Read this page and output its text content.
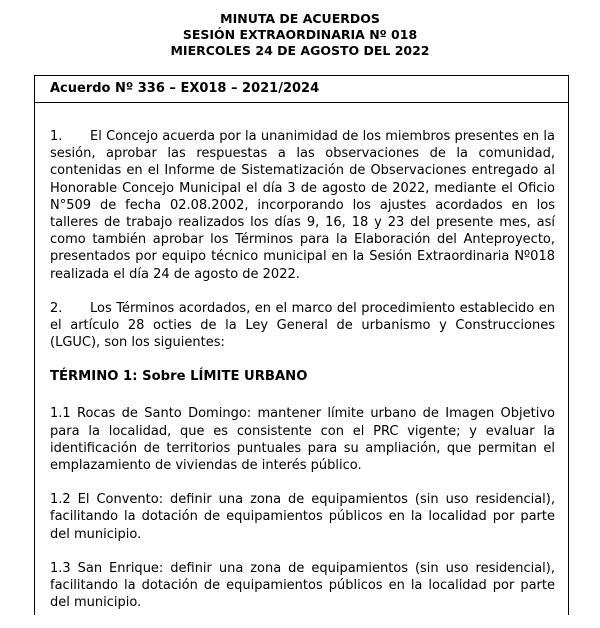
MINUTA DE ACUERDOS
SESIÓN EXTRAORDINARIA Nº 018
MIERCOLES 24 DE AGOSTO DEL 2022
Acuerdo Nº 336 – EX018 – 2021/2024

1. El Concejo acuerda por la unanimidad de los miembros presentes en la sesión, aprobar las respuestas a las observaciones de la comunidad, contenidas en el Informe de Sistematización de Observaciones entregado al Honorable Concejo Municipal el día 3 de agosto de 2022, mediante el Oficio N°509 de fecha 02.08.2002, incorporando los ajustes acordados en los talleres de trabajo realizados los días 9, 16, 18 y 23 del presente mes, así como también aprobar los Términos para la Elaboración del Anteproyecto, presentados por equipo técnico municipal en la Sesión Extraordinaria Nº018 realizada el día 24 de agosto de 2022.

2. Los Términos acordados, en el marco del procedimiento establecido en el artículo 28 octies de la Ley General de urbanismo y Construcciones (LGUC), son los siguientes:

TÉRMINO 1: Sobre LÍMITE URBANO

1.1 Rocas de Santo Domingo: mantener límite urbano de Imagen Objetivo para la localidad, que es consistente con el PRC vigente; y evaluar la identificación de territorios puntuales para su ampliación, que permitan el emplazamiento de viviendas de interés público.

1.2 El Convento: definir una zona de equipamientos (sin uso residencial), facilitando la dotación de equipamientos públicos en la localidad por parte del municipio.

1.3 San Enrique: definir una zona de equipamientos (sin uso residencial), facilitando la dotación de equipamientos públicos en la localidad por parte del municipio.
